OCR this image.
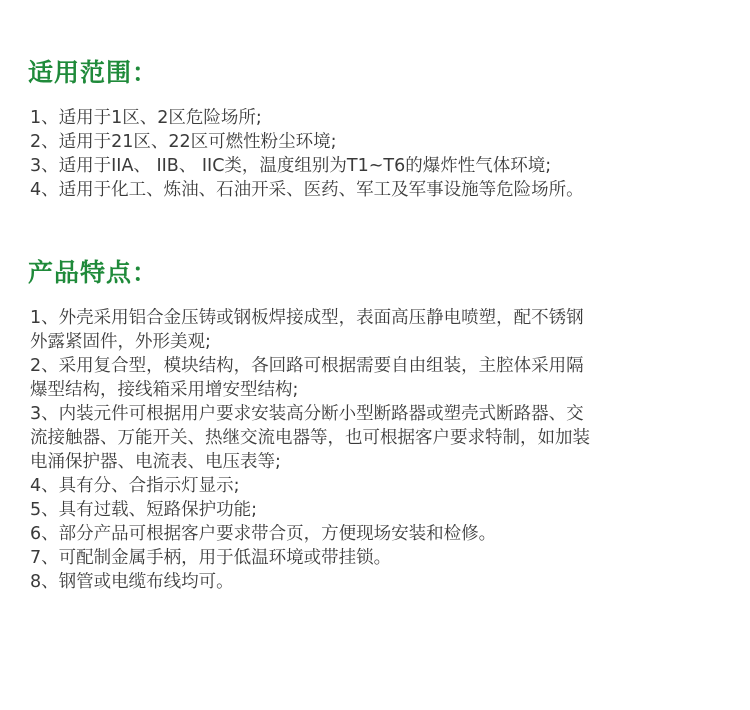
适用范围：
1、适用于1区、2区危险场所;
2、适用于21区、22区可燃性粉尘环境;
3、适用于IIA、 IIB、 IIC类，温度组别为T1~T6的爆炸性气体环境;
4、适用于化工、炼油、石油开采、医药、军工及军事设施等危险场所。
产品特点：
1、外壳采用铝合金压铸或钢板焊接成型，表面高压静电喷塑，配不锈钢
外露紧固件，外形美观;
2、采用复合型，模块结构，各回路可根据需要自由组装，主腔体采用隔
爆型结构，接线箱采用增安型结构;
3、内装元件可根据用户要求安装高分断小型断路器或塑壳式断路器、交
流接触器、万能开关、热继交流电器等，也可根据客户要求特制，如加装
电涌保护器、电流表、电压表等;
4、具有分、合指示灯显示;
5、具有过载、短路保护功能;
6、部分产品可根据客户要求带合页，方便现场安装和检修。
7、可配制金属手柄，用于低温环境或带挂锁。
8、钢管或电缆布线均可。
